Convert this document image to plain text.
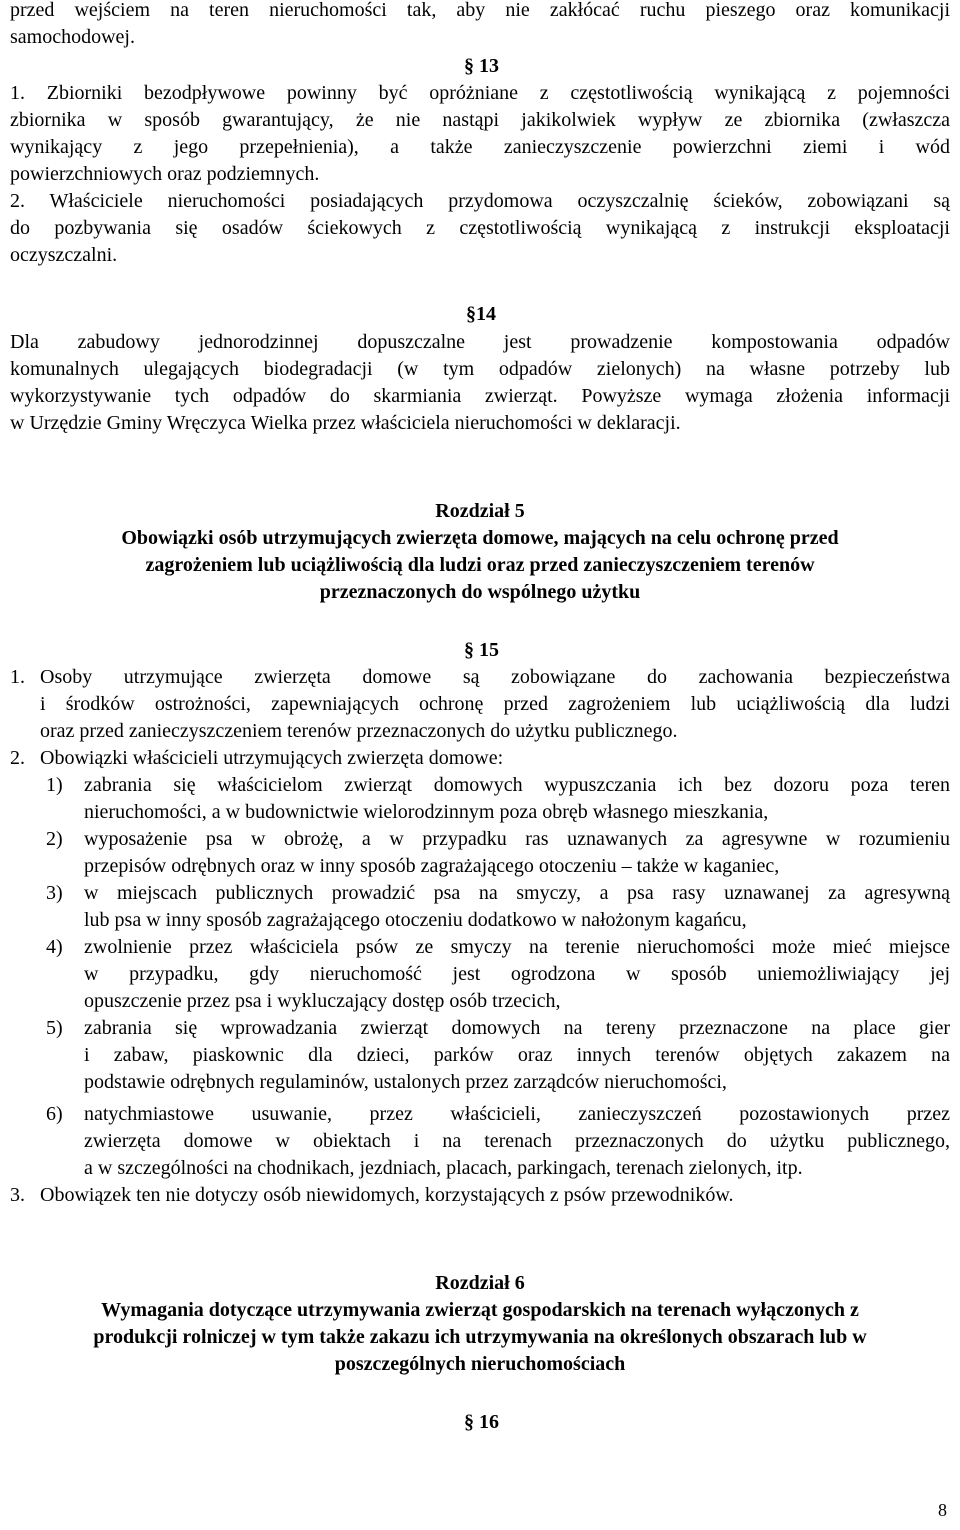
przed wejściem na teren nieruchomości tak, aby nie zakłócać ruchu pieszego oraz komunikacji
samochodowej.
§ 13
1. Zbiorniki bezodpływowe powinny być opróżniane z częstotliwością wynikającą z pojemności
zbiornika w sposób gwarantujący, że nie nastąpi jakikolwiek wypływ ze zbiornika (zwłaszcza
wynikający z jego przepełnienia), a także zanieczyszczenie powierzchni ziemi i wód
powierzchniowych oraz podziemnych.
2. Właściciele nieruchomości posiadających przydomowa oczyszczalnię ścieków, zobowiązani są
do pozbywania się osadów ściekowych z częstotliwością wynikającą z instrukcji eksploatacji
oczyszczalni.
§14
Dla zabudowy jednorodzinnej dopuszczalne jest prowadzenie kompostowania odpadów
komunalnych ulegających biodegradacji (w tym odpadów zielonych) na własne potrzeby lub
wykorzystywanie tych odpadów do skarmiania zwierząt. Powyższe wymaga złożenia informacji
w Urzędzie Gminy Wręczyca Wielka przez właściciela nieruchomości w deklaracji.
Rozdział 5
Obowiązki osób utrzymujących zwierzęta domowe, mających na celu ochronę przed
zagrożeniem lub uciążliwością dla ludzi oraz przed zanieczyszczeniem terenów
przeznaczonych do wspólnego użytku
§ 15
1. Osoby utrzymujące zwierzęta domowe są zobowiązane do zachowania bezpieczeństwa
i środków ostrożności, zapewniających ochronę przed zagrożeniem lub uciążliwością dla ludzi
oraz przed zanieczyszczeniem terenów przeznaczonych do użytku publicznego.
2. Obowiązki właścicieli utrzymujących zwierzęta domowe:
1) zabrania się właścicielom zwierząt domowych wypuszczania ich bez dozoru poza teren
nieruchomości, a w budownictwie wielorodzinnym poza obręb własnego mieszkania,
2) wyposażenie psa w obrożę, a w przypadku ras uznawanych za agresywne w rozumieniu
przepisów odrębnych oraz w inny sposób zagrażającego otoczeniu – także w kaganiec,
3) w miejscach publicznych prowadzić psa na smyczy, a psa rasy uznawanej za agresywną
lub psa w inny sposób zagrażającego otoczeniu dodatkowo w nałożonym kagańcu,
4) zwolnienie przez właściciela psów ze smyczy na terenie nieruchomości może mieć miejsce
w przypadku, gdy nieruchomość jest ogrodzona w sposób uniemożliwiający jej
opuszczenie przez psa i wykluczający dostęp osób trzecich,
5) zabrania się wprowadzania zwierząt domowych na tereny przeznaczone na place gier
i zabaw, piaskownic dla dzieci, parków oraz innych terenów objętych zakazem na
podstawie odrębnych regulaminów, ustalonych przez zarządców nieruchomości,
6) natychmiastowe usuwanie, przez właścicieli, zanieczyszczeń pozostawionych przez
zwierzęta domowe w obiektach i na terenach przeznaczonych do użytku publicznego,
a w szczególności na chodnikach, jezdniach, placach, parkingach, terenach zielonych, itp.
3. Obowiązek ten nie dotyczy osób niewidomych, korzystających z psów przewodników.
Rozdział 6
Wymagania dotyczące utrzymywania zwierząt gospodarskich na terenach wyłączonych z
produkcji rolniczej w tym także zakazu ich utrzymywania na określonych obszarach lub w
poszczególnych nieruchomościach
§ 16
8
